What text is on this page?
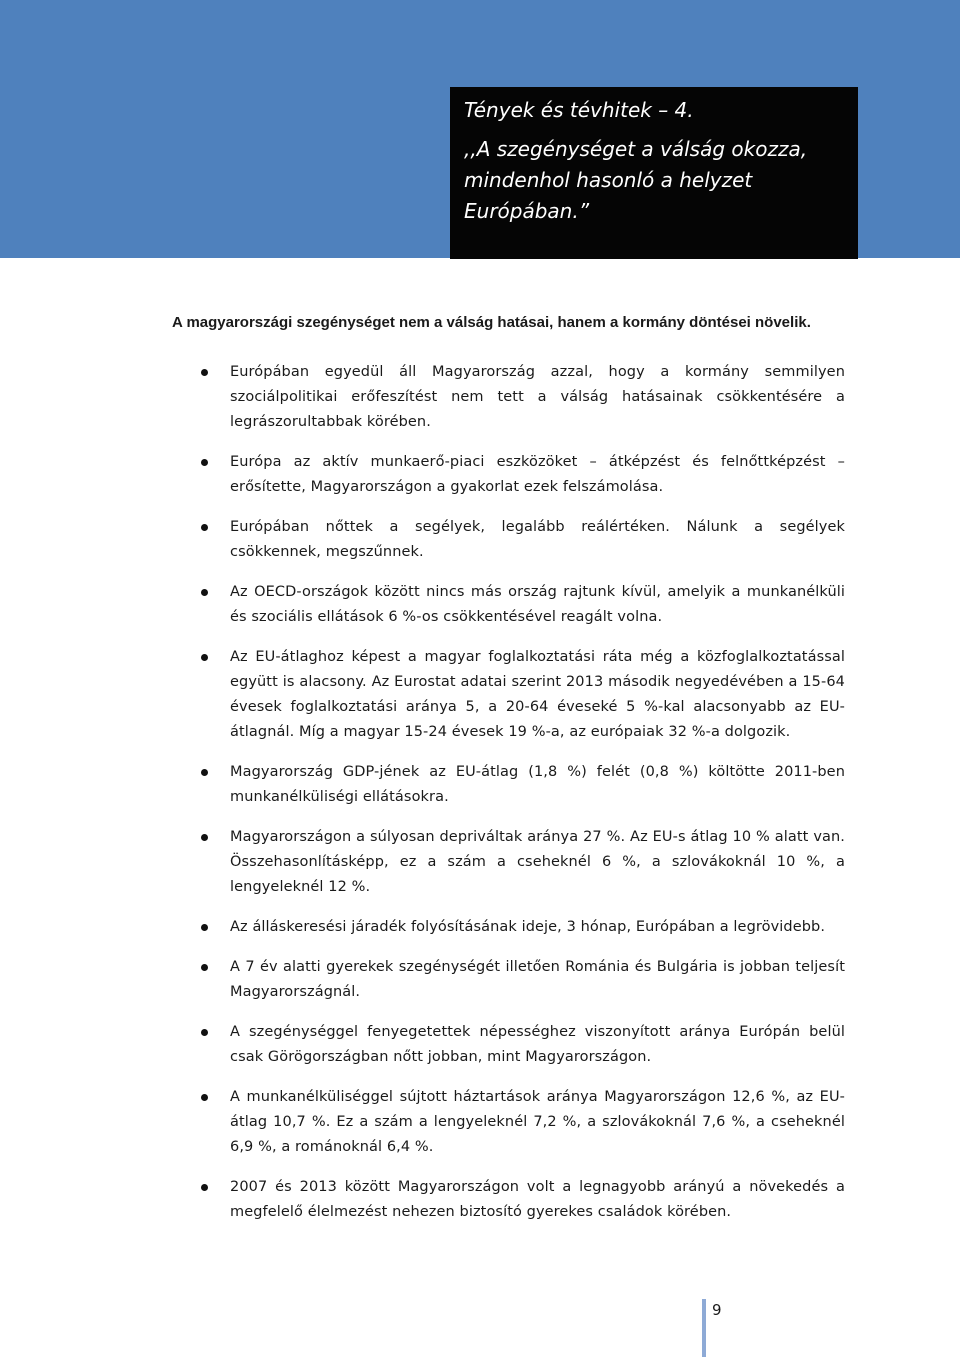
Tények és tévhitek – 4.
,,A szegénységet a válság okozza,
mindenhol hasonló a helyzet
Európában.”
A magyarországi szegénységet nem a válság hatásai, hanem a kormány döntései növelik.
Európában egyedül áll Magyarország azzal, hogy a kormány semmilyen szociálpolitikai erőfeszítést nem tett a válság hatásainak csökkentésére a legrászorultabbak körében.
Európa az aktív munkaerő-piaci eszközöket – átképzést és felnőttképzést – erősítette, Magyarországon a gyakorlat ezek felszámolása.
Európában nőttek a segélyek, legalább reálértéken. Nálunk a segélyek csökkennek, megszűnnek.
Az OECD-országok között nincs más ország rajtunk kívül, amelyik a munkanélküli és szociális ellátások 6 %-os csökkentésével reagált volna.
Az EU-átlaghoz képest a magyar foglalkoztatási ráta még a közfoglalkoztatással együtt is alacsony. Az Eurostat adatai szerint 2013 második negyedévében a 15-64 évesek foglalkoztatási aránya 5, a 20-64 éveseké 5 %-kal alacsonyabb az EU-átlagnál. Míg a magyar 15-24 évesek 19 %-a, az európaiak 32 %-a dolgozik.
Magyarország GDP-jének az EU-átlag (1,8 %) felét (0,8 %) költötte 2011-ben munkanélküliségi ellátásokra.
Magyarországon a súlyosan depriváltak aránya 27 %. Az EU-s átlag 10 % alatt van. Összehasonlításképp, ez a szám a cseheknél 6 %, a szlovákoknál 10 %, a lengyeleknél 12 %.
Az álláskeresési járadék folyósításának ideje, 3 hónap, Európában a legrövidebb.
A 7 év alatti gyerekek szegénységét illetően Románia és Bulgária is jobban teljesít Magyarországnál.
A szegénységgel fenyegetettek népességhez viszonyított aránya Európán belül csak Görögországban nőtt jobban, mint Magyarországon.
A munkanélküliséggel sújtott háztartások aránya Magyarországon 12,6 %, az EU-átlag 10,7 %. Ez a szám a lengyeleknél 7,2 %, a szlovákoknál 7,6 %, a cseheknél 6,9 %, a románoknál 6,4 %.
2007 és 2013 között Magyarországon volt a legnagyobb arányú a növekedés a megfelelő élelmezést nehezen biztosító gyerekes családok körében.
9
